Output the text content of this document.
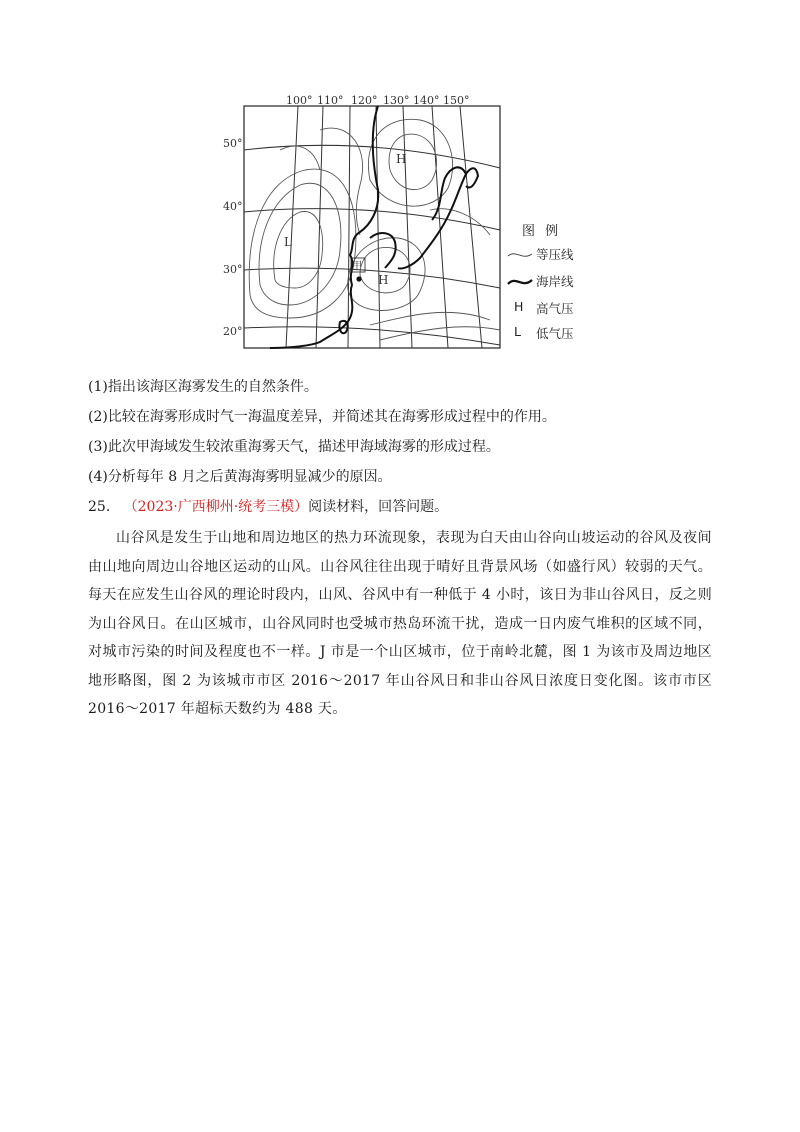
100° 110° 120° 130° 140° 150°
50°
40°
30°
20°
H
L
H
甲
图 例
等压线
海岸线
H 高气压
L 低气压
(1)指出该海区海雾发生的自然条件。
(2)比较在海雾形成时气一海温度差异，并简述其在海雾形成过程中的作用。
(3)此次甲海域发生较浓重海雾天气，描述甲海域海雾的形成过程。
(4)分析每年 8 月之后黄海海雾明显减少的原因。
25. （2023·广西柳州·统考三模）阅读材料，回答问题。
山谷风是发生于山地和周边地区的热力环流现象，表现为白天由山谷向山坡运动的谷风及夜间由山地向周边山谷地区运动的山风。山谷风往往出现于晴好且背景风场（如盛行风）较弱的天气。每天在应发生山谷风的理论时段内，山风、谷风中有一种低于 4 小时，该日为非山谷风日，反之则为山谷风日。在山区城市，山谷风同时也受城市热岛环流干扰，造成一日内废气堆积的区域不同，对城市污染的时间及程度也不一样。J 市是一个山区城市，位于南岭北麓，图 1 为该市及周边地区地形略图，图 2 为该城市市区 2016～2017 年山谷风日和非山谷风日浓度日变化图。该市市区 2016～2017 年超标天数约为 488 天。
